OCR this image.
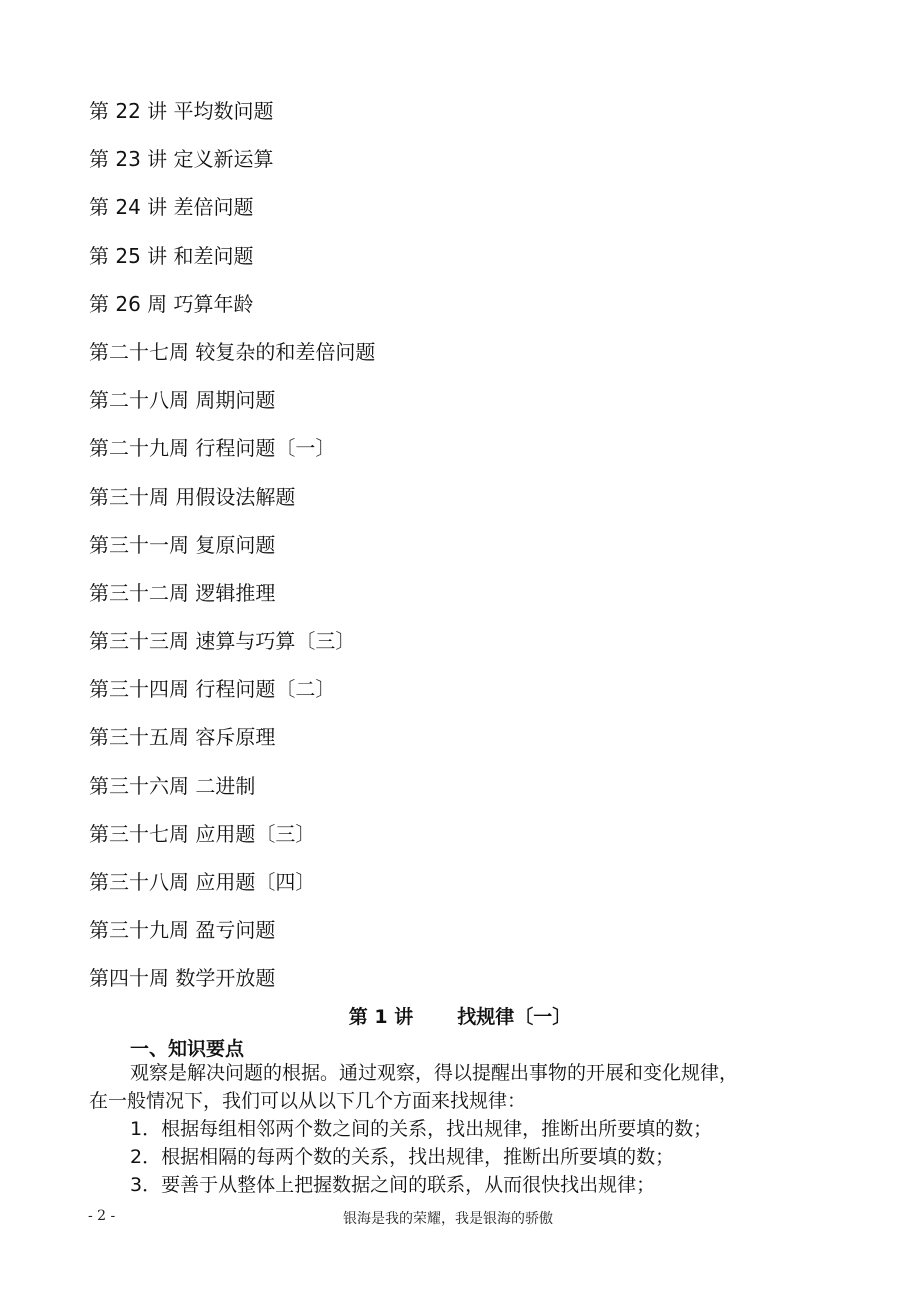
第 22 讲 平均数问题
第 23 讲 定义新运算
第 24 讲 差倍问题
第 25 讲 和差问题
第 26 周 巧算年龄
第二十七周 较复杂的和差倍问题
第二十八周 周期问题
第二十九周 行程问题〔一〕
第三十周 用假设法解题
第三十一周 复原问题
第三十二周 逻辑推理
第三十三周 速算与巧算〔三〕
第三十四周 行程问题〔二〕
第三十五周 容斥原理
第三十六周 二进制
第三十七周 应用题〔三〕
第三十八周 应用题〔四〕
第三十九周 盈亏问题
第四十周 数学开放题
第 1 讲 找规律〔一〕
一、知识要点
观察是解决问题的根据。通过观察，得以提醒出事物的开展和变化规律，
在一般情况下，我们可以从以下几个方面来找规律：
1．根据每组相邻两个数之间的关系，找出规律，推断出所要填的数；
2．根据相隔的每两个数的关系，找出规律，推断出所要填的数；
3．要善于从整体上把握数据之间的联系，从而很快找出规律；
- 2 -	银海是我的荣耀，我是银海的骄傲
